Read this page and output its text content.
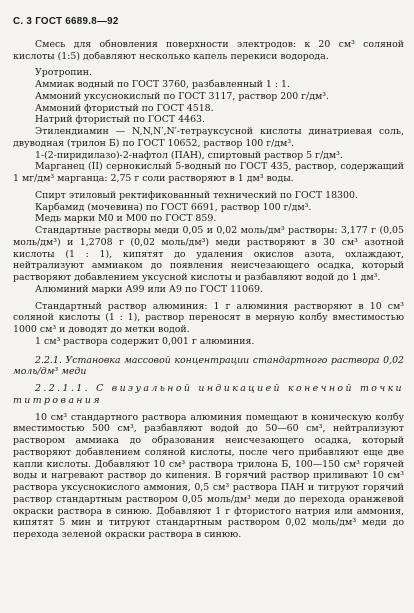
С. 3 ГОСТ 6689.8—92

Смесь для обновления поверхности электродов: к 20 см³ соляной кислоты (1:5) добавляют несколько капель перекиси водорода.

Уротропин.

Аммиак водный по ГОСТ 3760, разбавленный 1 : 1.

Аммоний уксуснокислый по ГОСТ 3117, раствор 200 г/дм³.

Аммоний фтористый по ГОСТ 4518.

Натрий фтористый по ГОСТ 4463.

Этилендиамин — N,N,N′,N′-тетрауксусной кислоты динатриевая соль, двуводная (трилон Б) по ГОСТ 10652, раствор 100 г/дм³.

1-(2-пиридилазо)-2-нафтол (ПАН), спиртовый раствор 5 г/дм³.

Марганец (II) сернокислый 5-водный по ГОСТ 435, раствор, содержащий 1 мг/дм³ марганца: 2,75 г соли растворяют в 1 дм³ воды.

Спирт этиловый ректификованный технический по ГОСТ 18300.

Карбамид (мочевина) по ГОСТ 6691, раствор 100 г/дм³.

Медь марки М0 и М00 по ГОСТ 859.

Стандартные растворы меди 0,05 и 0,02 моль/дм³ растворы: 3,177 г (0,05 моль/дм³) и 1,2708 г (0,02 моль/дм³) меди растворяют в 30 см³ азотной кислоты (1 : 1), кипятят до удаления окислов азота, охлаждают, нейтрализуют аммиаком до появления неисчезающего осадка, который растворяют добавлением уксусной кислоты и разбавляют водой до 1 дм³.

Алюминий марки А99 или А9 по ГОСТ 11069.

Стандартный раствор алюминия: 1 г алюминия растворяют в 10 см³ соляной кислоты (1 : 1), раствор переносят в мерную колбу вместимостью 1000 см³ и доводят до метки водой.

1 см³ раствора содержит 0,001 г алюминия.

2.2.1. Установка массовой концентрации стандартного раствора 0,02 моль/дм³ меди

2.2.1.1. С визуальной индикацией конечной точки титрования

10 см³ стандартного раствора алюминия помещают в коническую колбу вместимостью 500 см³, разбавляют водой до 50—60 см³, нейтрализуют раствором аммиака до образования неисчезающего осадка, который растворяют добавлением соляной кислоты, после чего прибавляют еще две капли кислоты. Добавляют 10 см³ раствора трилона Б, 100—150 см³ горячей воды и нагревают раствор до кипения. В горячий раствор приливают 10 см³ раствора уксуснокислого аммония, 0,5 см³ раствора ПАН и титруют горячий раствор стандартным раствором 0,05 моль/дм³ меди до перехода оранжевой окраски раствора в синюю. Добавляют 1 г фтористого натрия или аммония, кипятят 5 мин и титруют стандартным раствором 0,02 моль/дм³ меди до перехода зеленой окраски раствора в синюю.
